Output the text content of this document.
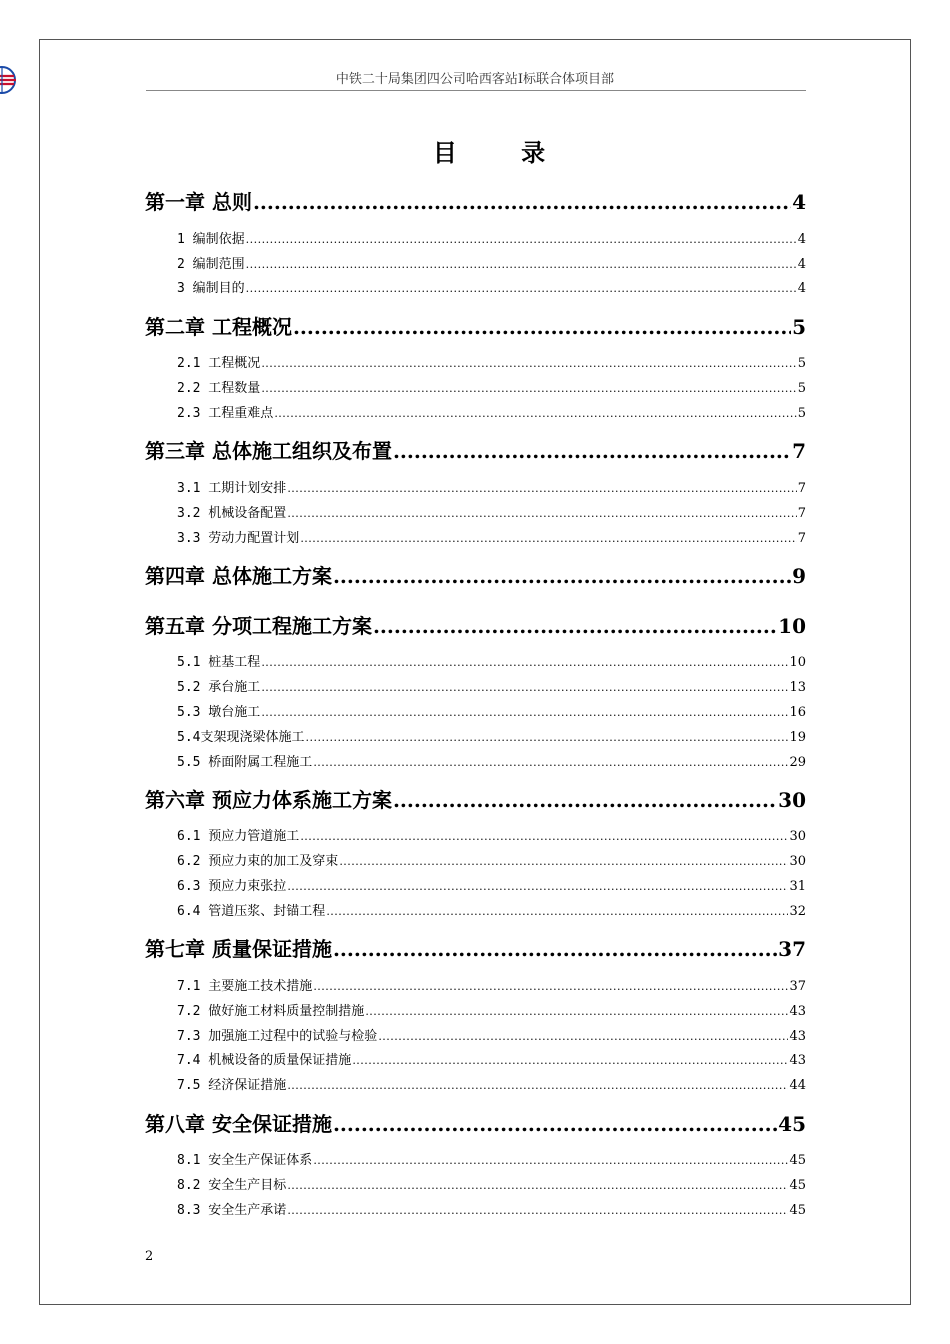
中铁二十局集团四公司哈西客站I标联合体项目部
目 录
第一章 总则 .....	4
1 编制依据 .....	4
2 编制范围 .....	4
3 编制目的 .....	4
第二章 工程概况 .....	5
2.1 工程概况 .....	5
2.2 工程数量 .....	5
2.3 工程重难点 .....	5
第三章 总体施工组织及布置 .....	7
3.1 工期计划安排 .....	7
3.2 机械设备配置 .....	7
3.3 劳动力配置计划 .....	7
第四章 总体施工方案 .....	9
第五章 分项工程施工方案 .....	10
5.1 桩基工程 .....	10
5.2 承台施工 .....	13
5.3 墩台施工 .....	16
5.4支架现浇梁体施工 .....	19
5.5 桥面附属工程施工 .....	29
第六章 预应力体系施工方案 .....	30
6.1 预应力管道施工 .....	30
6.2 预应力束的加工及穿束 .....	30
6.3 预应力束张拉 .....	31
6.4 管道压浆、封锚工程 .....	32
第七章 质量保证措施 .....	37
7.1 主要施工技术措施 .....	37
7.2 做好施工材料质量控制措施 .....	43
7.3 加强施工过程中的试验与检验 .....	43
7.4 机械设备的质量保证措施 .....	43
7.5 经济保证措施 .....	44
第八章 安全保证措施 .....	45
8.1 安全生产保证体系 .....	45
8.2 安全生产目标 .....	45
8.3 安全生产承诺 .....	45
2
